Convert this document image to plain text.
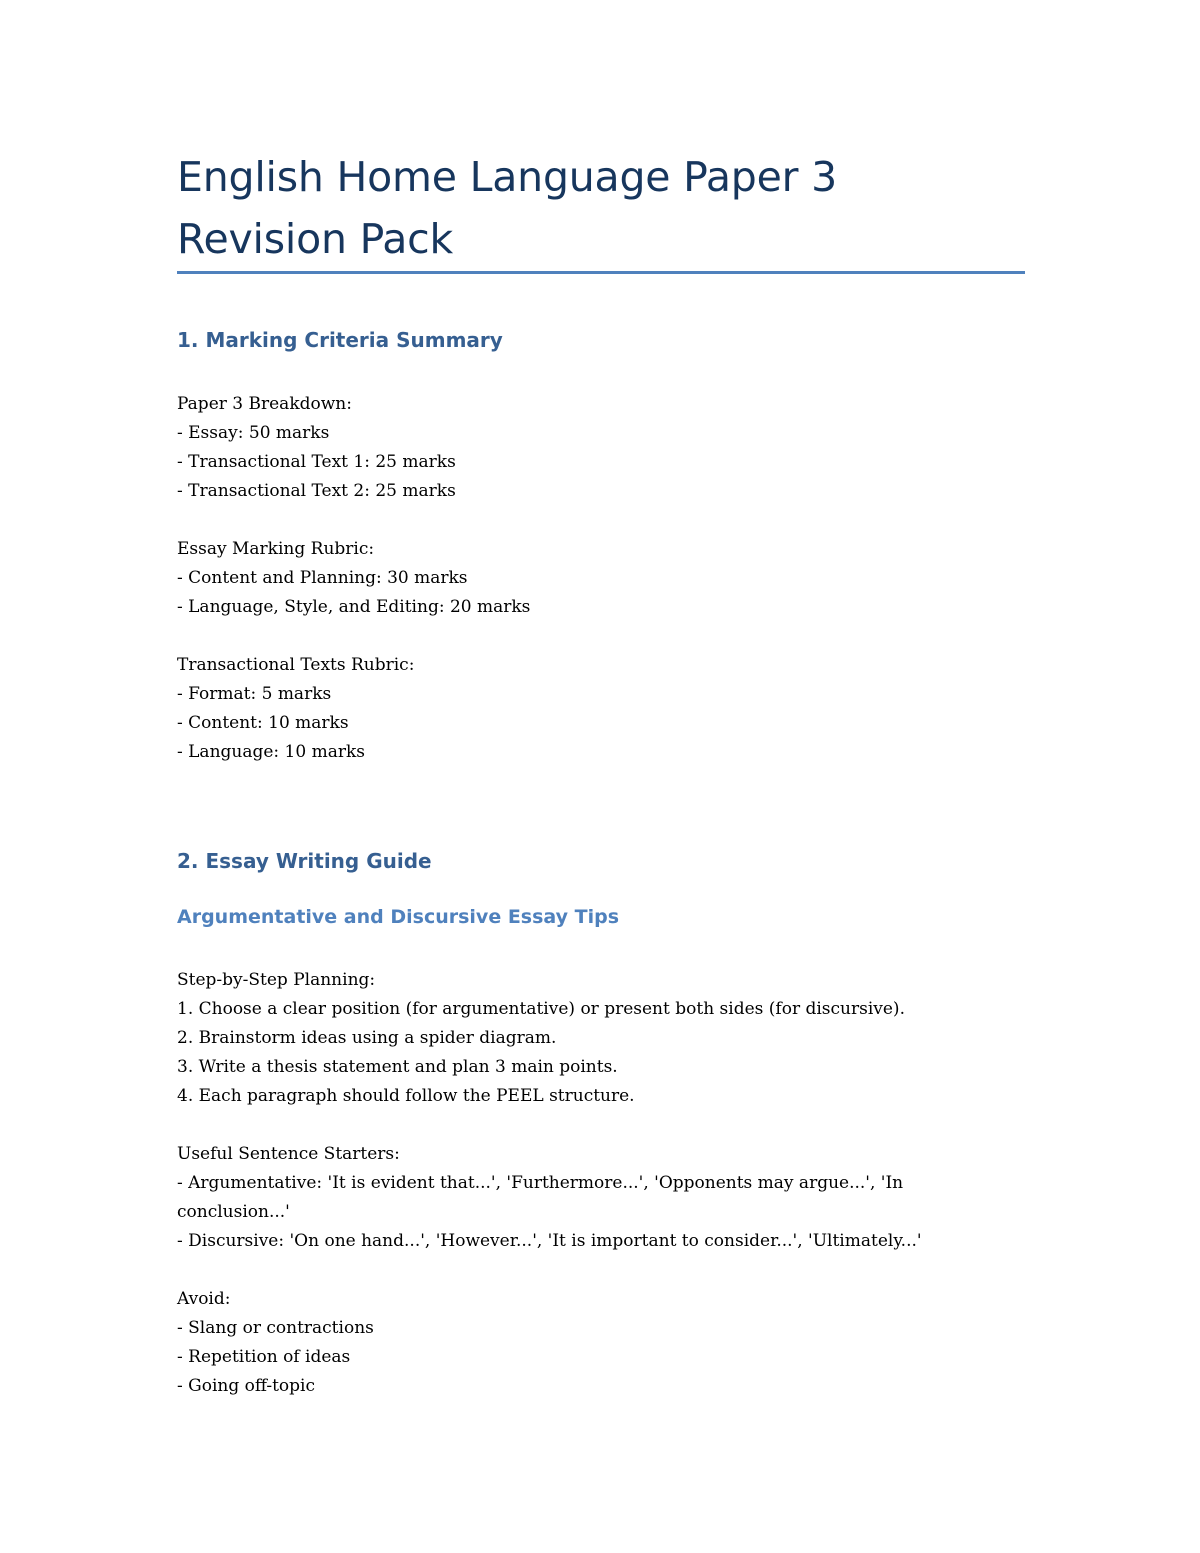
English Home Language Paper 3
Revision Pack
1. Marking Criteria Summary
Paper 3 Breakdown:
- Essay: 50 marks
- Transactional Text 1: 25 marks
- Transactional Text 2: 25 marks
Essay Marking Rubric:
- Content and Planning: 30 marks
- Language, Style, and Editing: 20 marks
Transactional Texts Rubric:
- Format: 5 marks
- Content: 10 marks
- Language: 10 marks
2. Essay Writing Guide
Argumentative and Discursive Essay Tips
Step-by-Step Planning:
1. Choose a clear position (for argumentative) or present both sides (for discursive).
2. Brainstorm ideas using a spider diagram.
3. Write a thesis statement and plan 3 main points.
4. Each paragraph should follow the PEEL structure.
Useful Sentence Starters:
- Argumentative: 'It is evident that...', 'Furthermore...', 'Opponents may argue...', 'In conclusion...'
- Discursive: 'On one hand...', 'However...', 'It is important to consider...', 'Ultimately...'
Avoid:
- Slang or contractions
- Repetition of ideas
- Going off-topic
